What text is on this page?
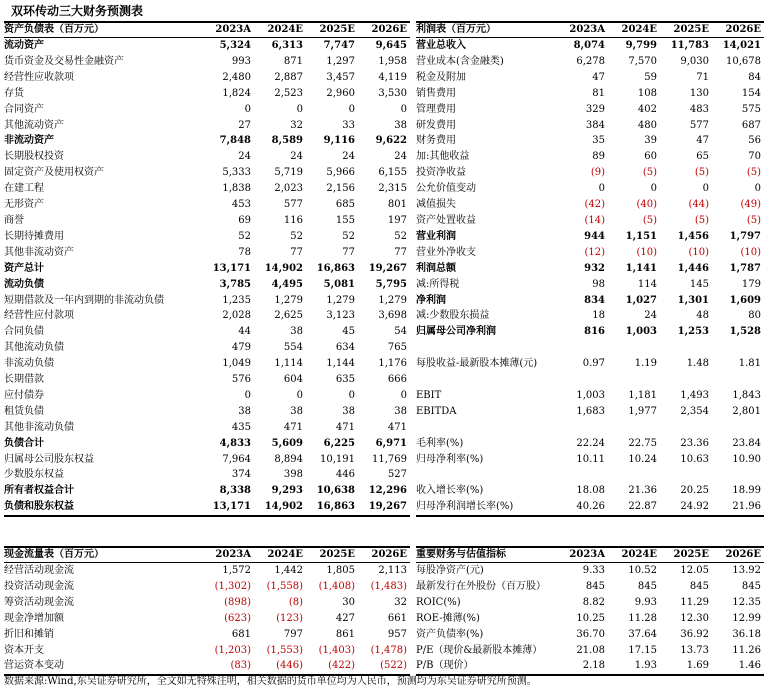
双环传动三大财务预测表
资产负债表（百万元）	2023A	2024E	2025E	2026E
流动资产	5,324	6,313	7,747	9,645
货币资金及交易性金融资产	993	871	1,297	1,958
经营性应收款项	2,480	2,887	3,457	4,119
存货	1,824	2,523	2,960	3,530
合同资产	0	0	0	0
其他流动资产	27	32	33	38
非流动资产	7,848	8,589	9,116	9,622
长期股权投资	24	24	24	24
固定资产及使用权资产	5,333	5,719	5,966	6,155
在建工程	1,838	2,023	2,156	2,315
无形资产	453	577	685	801
商誉	69	116	155	197
长期待摊费用	52	52	52	52
其他非流动资产	78	77	77	77
资产总计	13,171	14,902	16,863	19,267
流动负债	3,785	4,495	5,081	5,795
短期借款及一年内到期的非流动负债	1,235	1,279	1,279	1,279
经营性应付款项	2,028	2,625	3,123	3,698
合同负债	44	38	45	54
其他流动负债	479	554	634	765
非流动负债	1,049	1,114	1,144	1,176
长期借款	576	604	635	666
应付债券	0	0	0	0
租赁负债	38	38	38	38
其他非流动负债	435	471	471	471
负债合计	4,833	5,609	6,225	6,971
归属母公司股东权益	7,964	8,894	10,191	11,769
少数股东权益	374	398	446	527
所有者权益合计	8,338	9,293	10,638	12,296
负债和股东权益	13,171	14,902	16,863	19,267
利润表（百万元）	2023A	2024E	2025E	2026E
营业总收入	8,074	9,799	11,783	14,021
营业成本(含金融类)	6,278	7,570	9,030	10,678
税金及附加	47	59	71	84
销售费用	81	108	130	154
管理费用	329	402	483	575
研发费用	384	480	577	687
财务费用	35	39	47	56
加:其他收益	89	60	65	70
投资净收益	(9)	(5)	(5)	(5)
公允价值变动	0	0	0	0
减值损失	(42)	(40)	(44)	(49)
资产处置收益	(14)	(5)	(5)	(5)
营业利润	944	1,151	1,456	1,797
营业外净收支	(12)	(10)	(10)	(10)
利润总额	932	1,141	1,446	1,787
减:所得税	98	114	145	179
净利润	834	1,027	1,301	1,609
减:少数股东损益	18	24	48	80
归属母公司净利润	816	1,003	1,253	1,528

每股收益-最新股本摊薄(元)	0.97	1.19	1.48	1.81

EBIT	1,003	1,181	1,493	1,843
EBITDA	1,683	1,977	2,354	2,801

毛利率(%)	22.24	22.75	23.36	23.84
归母净利率(%)	10.11	10.24	10.63	10.90

收入增长率(%)	18.08	21.36	20.25	18.99
归母净利润增长率(%)	40.26	22.87	24.92	21.96
现金流量表（百万元）	2023A	2024E	2025E	2026E
经营活动现金流	1,572	1,442	1,805	2,113
投资活动现金流	(1,302)	(1,558)	(1,408)	(1,483)
筹资活动现金流	(898)	(8)	30	32
现金净增加额	(623)	(123)	427	661
折旧和摊销	681	797	861	957
资本开支	(1,203)	(1,553)	(1,403)	(1,478)
营运资本变动	(83)	(446)	(422)	(522)
重要财务与估值指标	2023A	2024E	2025E	2026E
每股净资产(元)	9.33	10.52	12.05	13.92
最新发行在外股份（百万股）	845	845	845	845
ROIC(%)	8.82	9.93	11.29	12.35
ROE-摊薄(%)	10.25	11.28	12.30	12.99
资产负债率(%)	36.70	37.64	36.92	36.18
P/E（现价&最新股本摊薄）	21.08	17.15	13.73	11.26
P/B（现价）	2.18	1.93	1.69	1.46
数据来源:Wind,东吴证券研究所，全文如无特殊注明，相关数据的货币单位均为人民币，预测均为东吴证券研究所预测。
